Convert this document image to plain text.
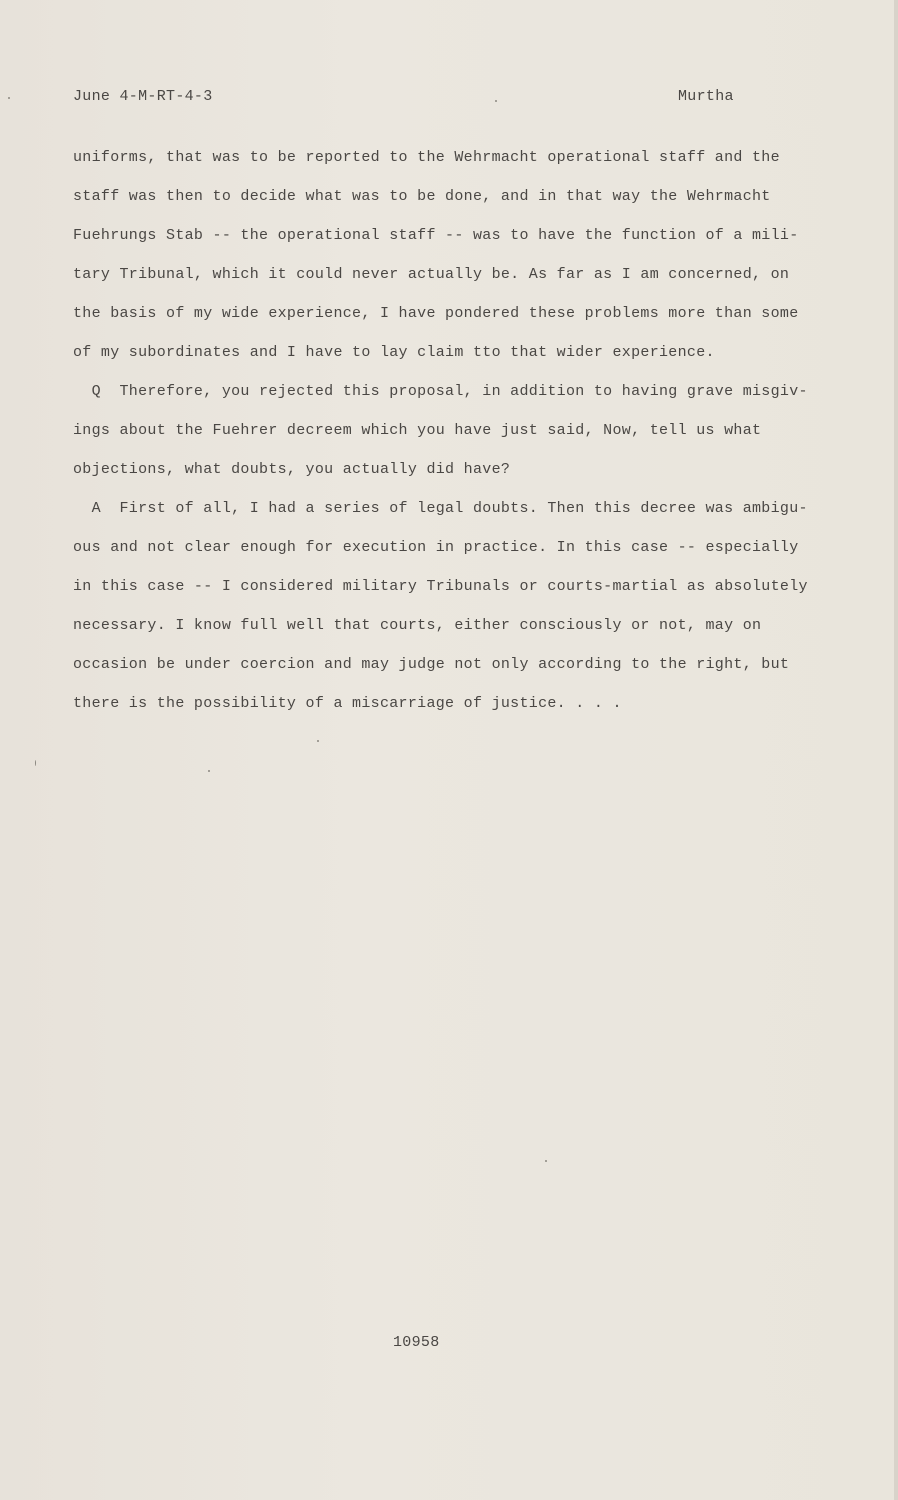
June 4-M-RT-4-3	Murtha
uniforms, that was to be reported to the Wehrmacht operational staff and the
staff was then to decide what was to be done, and in that way the Wehrmacht
Fuehrungs Stab -- the operational staff -- was to have the function of a mili-
tary Tribunal, which it could never actually be. As far as I am concerned, on
the basis of my wide experience, I have pondered these problems more than some
of my subordinates and I have to lay claim tto that wider experience.
Q  Therefore, you rejected this proposal, in addition to having grave misgiv-
ings about the Fuehrer decreem which you have just said, Now, tell us what
objections, what doubts, you actually did have?
A  First of all, I had a series of legal doubts. Then this decree was ambigu-
ous and not clear enough for execution in practice. In this case -- especially
in this case -- I considered military Tribunals or courts-martial as absolutely
necessary. I know full well that courts, either consciously or not, may on
occasion be under coercion and may judge not only according to the right, but
there is the possibility of a miscarriage of justice. . . .
10958
